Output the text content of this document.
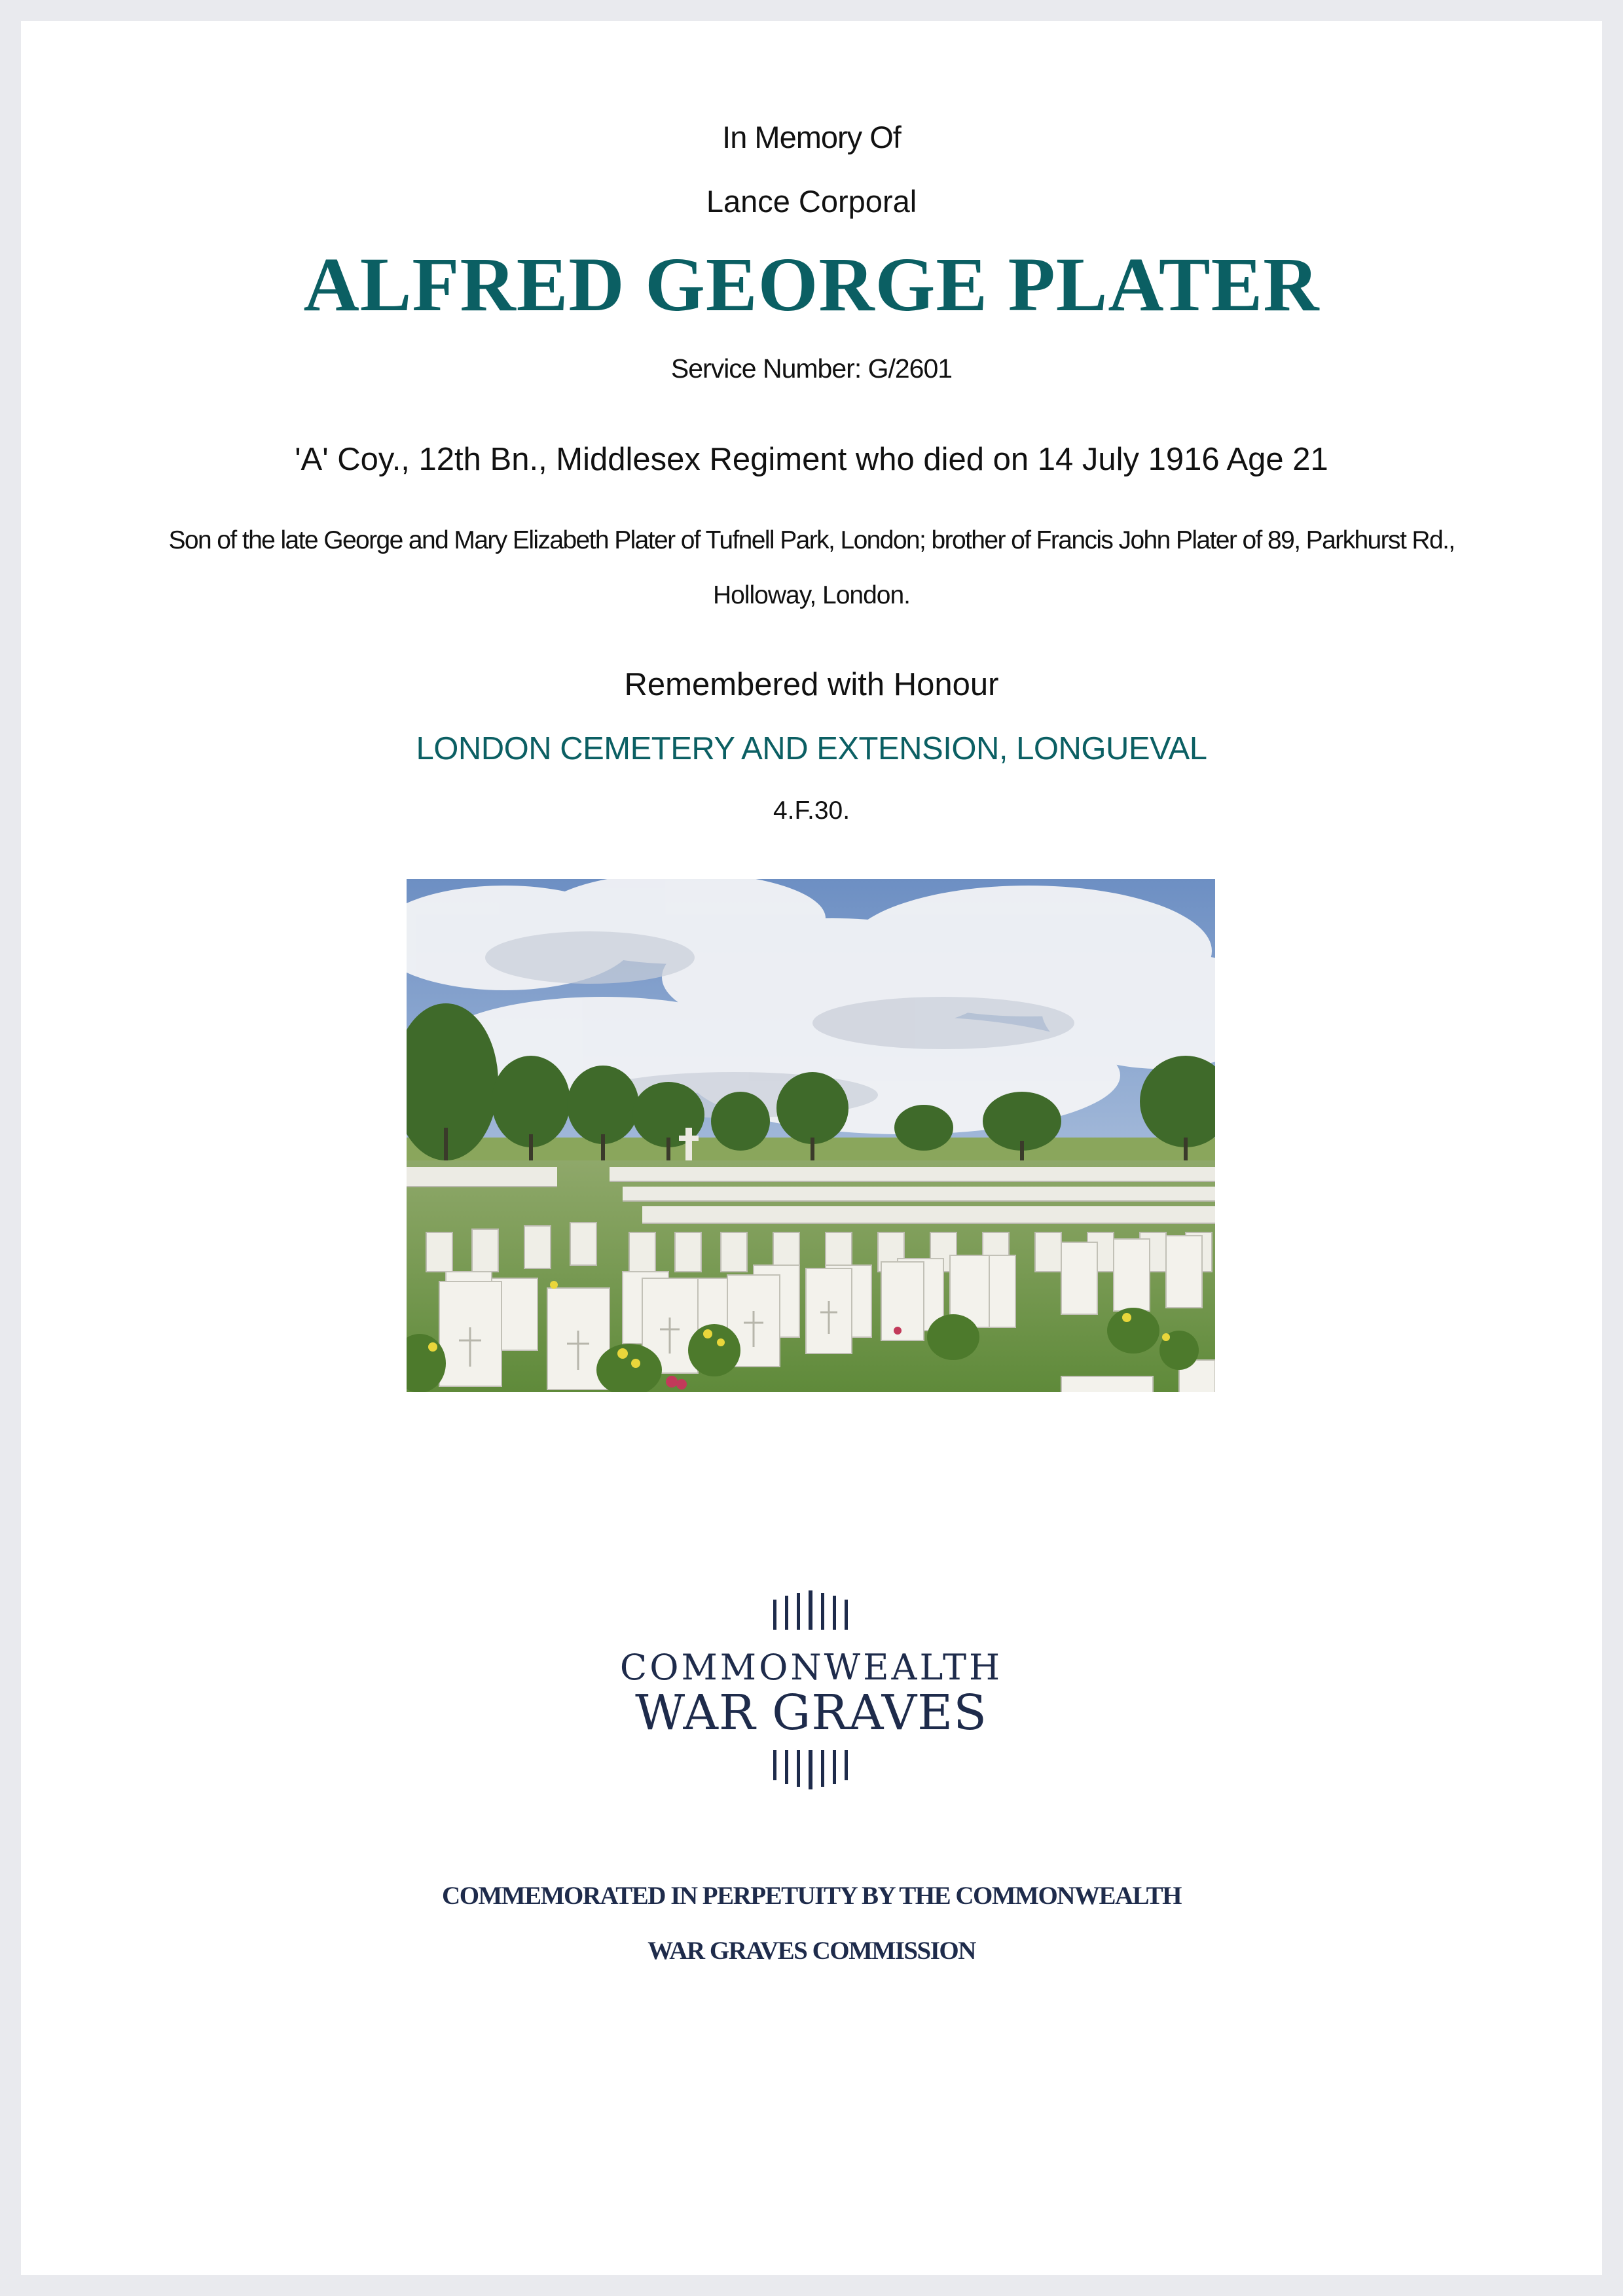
In Memory Of
Lance Corporal
ALFRED GEORGE PLATER
Service Number: G/2601
'A' Coy., 12th Bn., Middlesex Regiment who died on 14 July 1916 Age 21
Son of the late George and Mary Elizabeth Plater of Tufnell Park, London; brother of Francis John Plater of 89, Parkhurst Rd.,
Holloway, London.
Remembered with Honour
LONDON CEMETERY AND EXTENSION, LONGUEVAL
4.F.30.
COMMONWEALTH
WAR GRAVES
COMMEMORATED IN PERPETUITY BY THE COMMONWEALTH
WAR GRAVES COMMISSION
